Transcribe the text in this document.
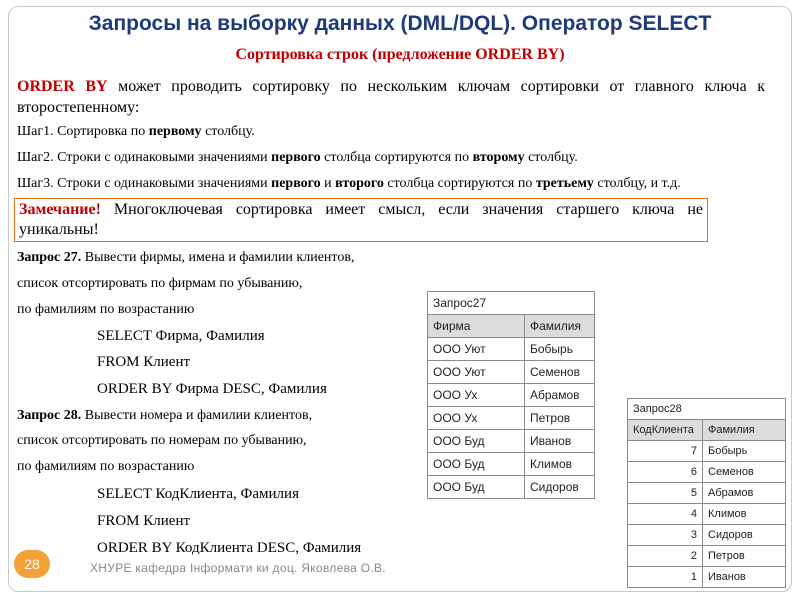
Запросы на выборку данных (DML/DQL). Оператор SELECT
Сортировка строк (предложение ORDER BY)

ORDER BY может проводить сортировку по нескольким ключам сортировки от главного ключа к второстепенному:

Шаг1. Сортировка по первому столбцу.

Шаг2. Строки с одинаковыми значениями первого столбца сортируются по второму столбцу.

Шаг3. Строки с одинаковыми значениями первого и второго столбца сортируются по третьему столбцу, и т.д.

Замечание! Многоключевая сортировка имеет смысл, если значения старшего ключа не уникальны!

Запрос 27. Вывести фирмы, имена и фамилии клиентов,

список отсортировать по фирмам по убыванию,

по фамилиям по возрастанию

SELECT Фирма, Фамилия

FROM Клиент

ORDER BY Фирма DESC, Фамилия

Запрос 28. Вывести номера и фамилии клиентов,

список отсортировать по номерам по убыванию,

по фамилиям по возрастанию

SELECT КодКлиента, Фамилия

FROM Клиент

ORDER BY КодКлиента DESC, Фамилия

Запрос27	
Фирма	Фамилия
ООО Уют	Бобырь
ООО Уют	Семенов
ООО Ух	Абрамов
ООО Ух	Петров
ООО Буд	Иванов
ООО Буд	Климов
ООО Буд	Сидоров
Запрос28	
КодКлиента	Фамилия
7	Бобырь
6	Семенов
5	Абрамов
4	Климов
3	Сидоров
2	Петров
1	Иванов
28	ХНУРЕ кафедра Інформати ки доц. Яковлева О.В.
